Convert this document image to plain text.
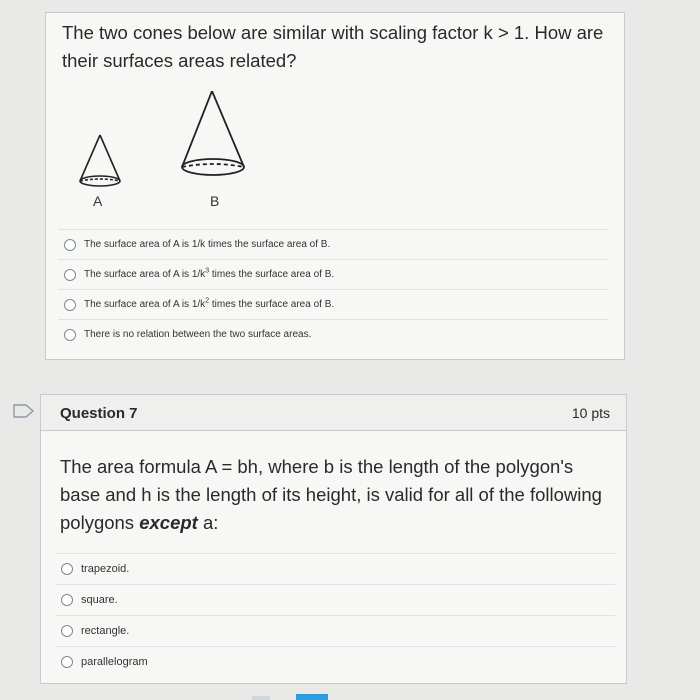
The two cones below are similar with scaling factor k > 1. How are their surfaces areas related?
A	B
The surface area of A is 1/k times the surface area of B.
The surface area of A is $1/k^3$ times the surface area of B.
The surface area of A is $1/k^2$ times the surface area of B.
There is no relation between the two surface areas.
Question 7	10 pts
The area formula A = bh, where b is the length of the polygon's base and h is the length of its height, is valid for all of the following polygons except a:
trapezoid.
square.
rectangle.
parallelogram
